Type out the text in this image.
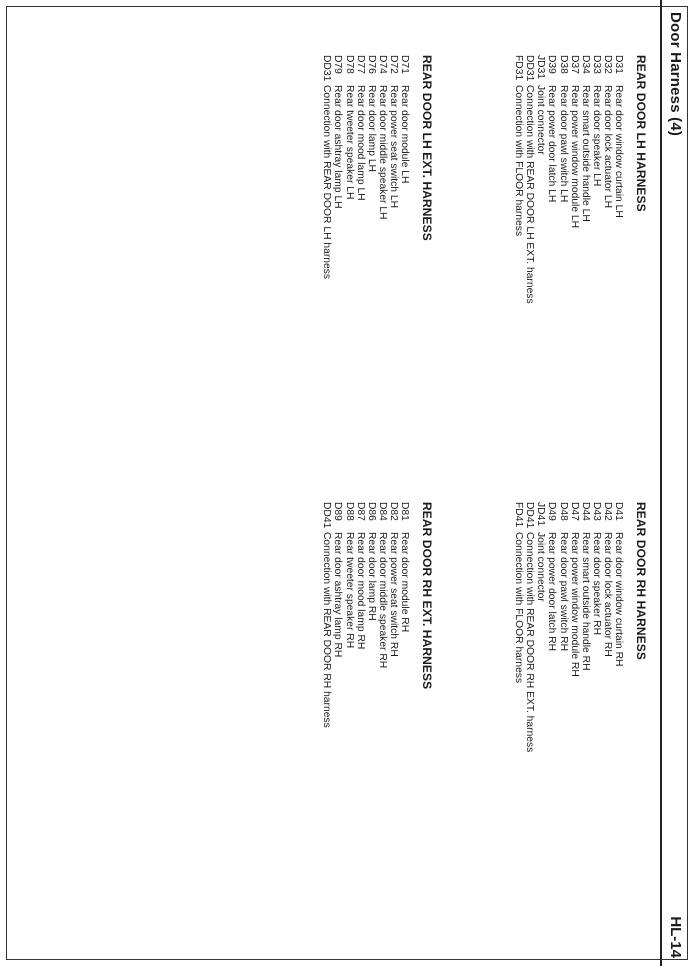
Door Harness (4)
HL-14
REAR DOOR LH HARNESS
D31
Rear door window curtain LH
D32
Rear door lock actuator LH
D33
Rear door speaker LH
D34
Rear smart outside handle LH
D37
Rear power window module LH
D38
Rear door pawl switch LH
D39
Rear power door latch LH
JD31
Joint connector
DD31
Connection with REAR DOOR LH EXT. harness
FD31
Connection with FLOOR harness
REAR DOOR RH HARNESS
D41
Rear door window curtain RH
D42
Rear door lock actuator RH
D43
Rear door speaker RH
D44
Rear smart outside handle RH
D47
Rear power window module RH
D48
Rear door pawl switch RH
D49
Rear power door latch RH
JD41
Joint connector
DD41
Connection with REAR DOOR RH EXT. harness
FD41
Connection with FLOOR harness
REAR DOOR LH EXT. HARNESS
D71
Rear door module LH
D72
Rear power seat switch LH
D74
Rear door middle speaker LH
D76
Rear door lamp LH
D77
Rear door mood lamp LH
D78
Rear tweeter speaker LH
D79
Rear door ashtray lamp LH
DD31
Connection with REAR DOOR LH harness
REAR DOOR RH EXT. HARNESS
D81
Rear door module RH
D82
Rear power seat switch RH
D84
Rear door middle speaker RH
D86
Rear door lamp RH
D87
Rear door mood lamp RH
D88
Rear tweeter speaker RH
D89
Rear door ashtray lamp RH
DD41
Connection with REAR DOOR RH harness
